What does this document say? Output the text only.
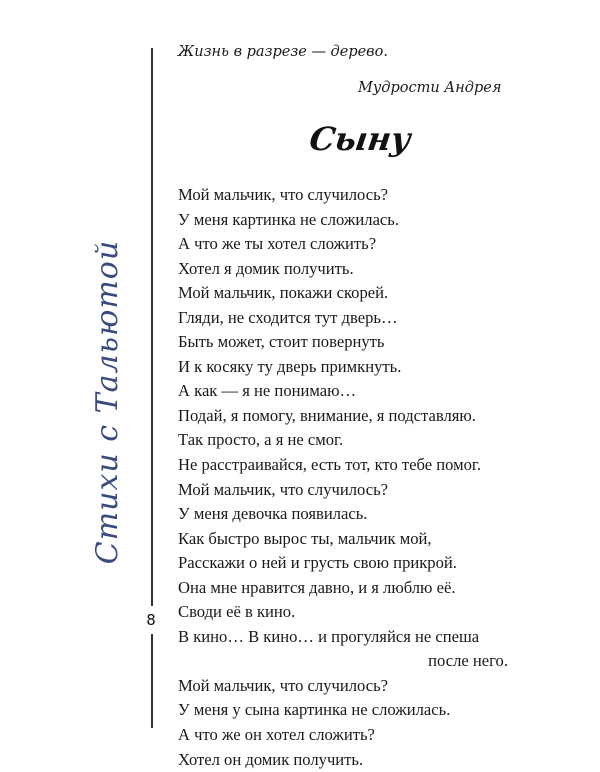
Стихи с Тальютой
8
Жизнь в разрезе — дерево.
Мудрости Андрея
Сыну
Мой мальчик, что случилось?
У меня картинка не сложилась.
А что же ты хотел сложить?
Хотел я домик получить.
Мой мальчик, покажи скорей.
Гляди, не сходится тут дверь…
Быть может, стоит повернуть
И к косяку ту дверь примкнуть.
А как — я не понимаю…
Подай, я помогу, внимание, я подставляю.
Так просто, а я не смог.
Не расстраивайся, есть тот, кто тебе помог.
Мой мальчик, что случилось?
У меня девочка появилась.
Как быстро вырос ты, мальчик мой,
Расскажи о ней и грусть свою прикрой.
Она мне нравится давно, и я люблю её.
Своди её в кино.
В кино… В кино… и прогуляйся не спеша
после него.
Мой мальчик, что случилось?
У меня у сына картинка не сложилась.
А что же он хотел сложить?
Хотел он домик получить.
